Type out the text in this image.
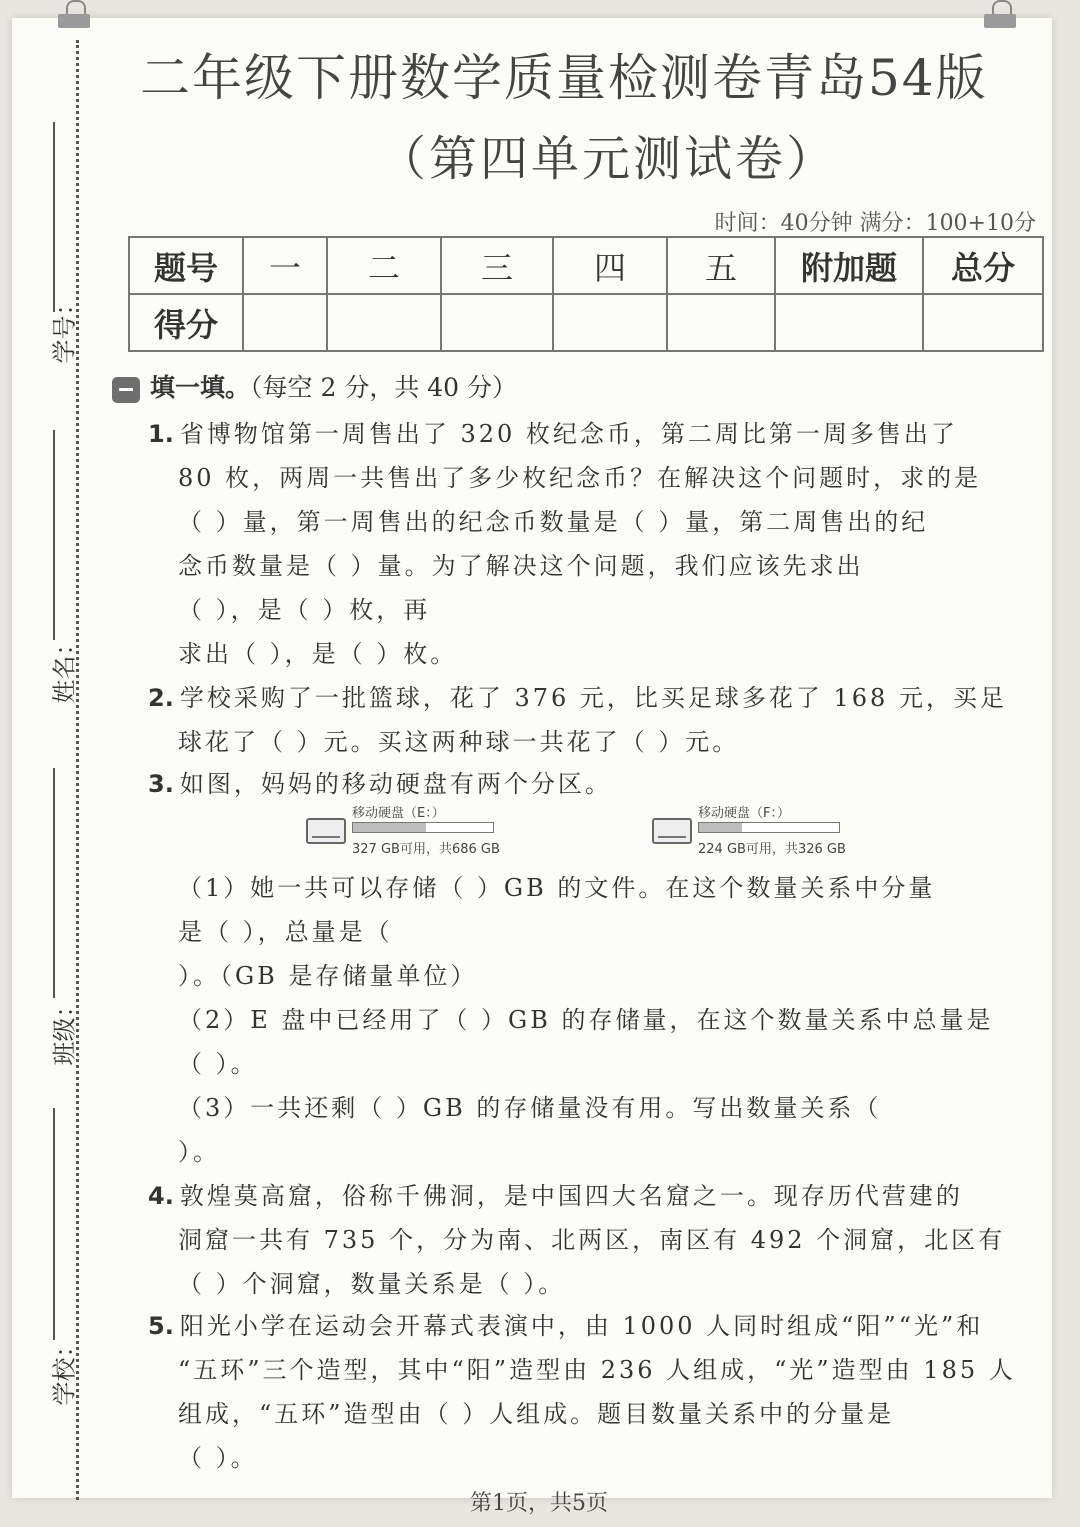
学号：
姓名：
班级：
学校：
二年级下册数学质量检测卷青岛54版
（第四单元测试卷）
时间：40分钟 满分：100+10分
题号	一	二	三	四	五	附加题	总分
得分							
填一填。（每空 2 分，共 40 分）
1. 省博物馆第一周售出了 320 枚纪念币，第二周比第一周多售出了
80 枚，两周一共售出了多少枚纪念币？在解决这个问题时，求的是
（ ）量，第一周售出的纪念币数量是（ ）量，第二周售出的纪
念币数量是（ ）量。为了解决这个问题，我们应该先求出
（ ），是（ ）枚，再
求出（ ），是（ ）枚。
2. 学校采购了一批篮球，花了 376 元，比买足球多花了 168 元，买足
球花了（ ）元。买这两种球一共花了（ ）元。
3. 如图，妈妈的移动硬盘有两个分区。
移动硬盘（E：）
327 GB可用，共686 GB
移动硬盘（F：）
224 GB可用，共326 GB
（1）她一共可以存储（ ）GB 的文件。在这个数量关系中分量
是（ ），总量是（
）。（GB 是存储量单位）
（2）E 盘中已经用了（ ）GB 的存储量，在这个数量关系中总量是
（ ）。
（3）一共还剩（ ）GB 的存储量没有用。写出数量关系（
）。
4. 敦煌莫高窟，俗称千佛洞，是中国四大名窟之一。现存历代营建的
洞窟一共有 735 个，分为南、北两区，南区有 492 个洞窟，北区有
（ ）个洞窟，数量关系是（ ）。
5. 阳光小学在运动会开幕式表演中，由 1000 人同时组成“阳”“光”和
“五环”三个造型，其中“阳”造型由 236 人组成，“光”造型由 185 人
组成，“五环”造型由（ ）人组成。题目数量关系中的分量是
（ ）。
第1页，共5页
